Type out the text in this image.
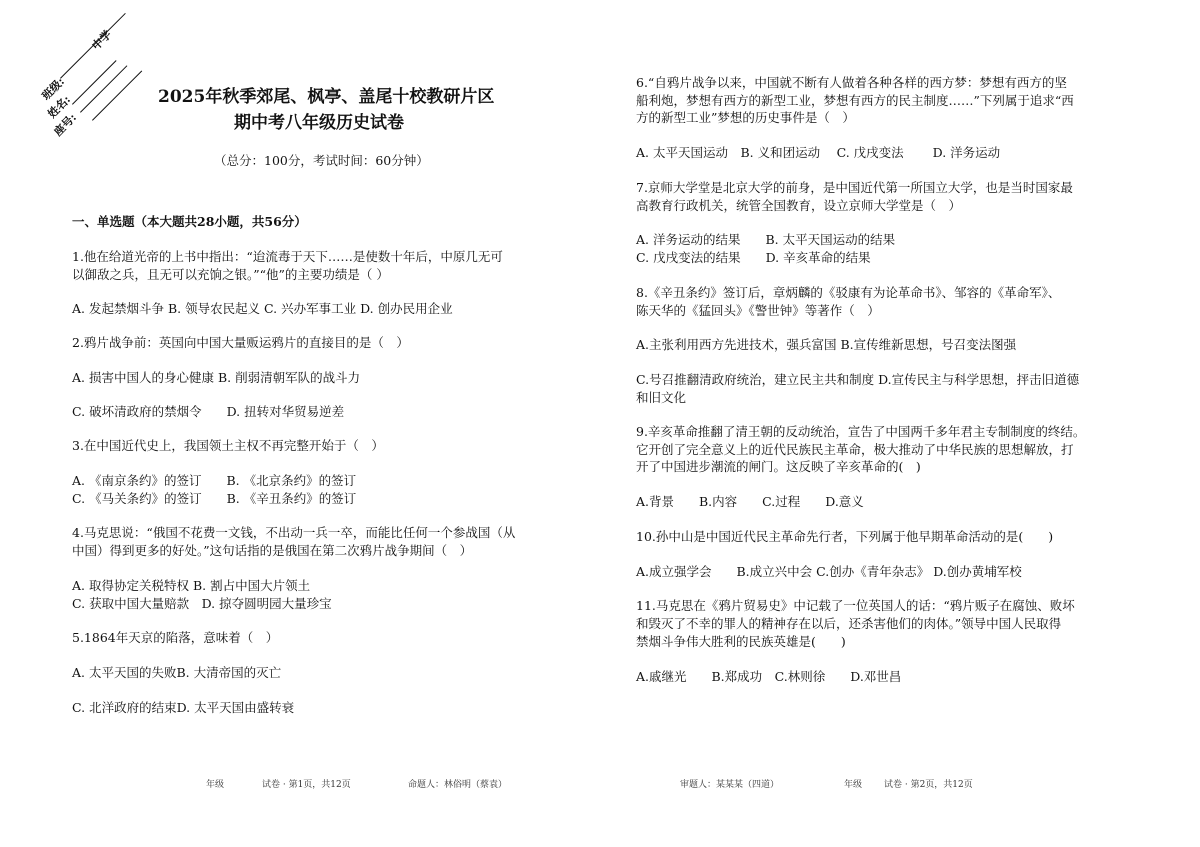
中学
班级:
姓名:
座号:
2025年秋季郊尾、枫亭、盖尾十校教研片区
期中考八年级历史试卷
（总分：100分，考试时间：60分钟）
一、单选题（本大题共28小题，共56分）
1.他在给道光帝的上书中指出：“迨流毒于天下……是使数十年后，中原几无可
以御敌之兵，且无可以充饷之银。”“他”的主要功绩是（ ）
A. 发起禁烟斗争 B. 领导农民起义 C. 兴办军事工业 D. 创办民用企业
2.鸦片战争前：英国向中国大量贩运鸦片的直接目的是（　）
A. 损害中国人的身心健康 B. 削弱清朝军队的战斗力
C. 破坏清政府的禁烟令　　D. 扭转对华贸易逆差
3.在中国近代史上，我国领土主权不再完整开始于（　）
A. 《南京条约》的签订　　B. 《北京条约》的签订
C. 《马关条约》的签订　　B. 《辛丑条约》的签订
4.马克思说：“俄国不花费一文钱，不出动一兵一卒，而能比任何一个参战国（从
中国）得到更多的好处。”这句话指的是俄国在第二次鸦片战争期间（　）
A. 取得协定关税特权 B. 割占中国大片领土
C. 获取中国大量赔款　D. 掠夺圆明园大量珍宝
5.1864年天京的陷落，意味着（　）
A. 太平天国的失败B. 大清帝国的灭亡
C. 北洋政府的结束D. 太平天国由盛转衰
年级	试卷 · 第1页，共12页	命题人：林俗明（蔡袁）
6.“自鸦片战争以来，中国就不断有人做着各种各样的西方梦：梦想有西方的坚
船利炮，梦想有西方的新型工业，梦想有西方的民主制度……”下列属于追求“西
方的新型工业”梦想的历史事件是（　）
A. 太平天国运动　B. 义和团运动　 C. 戊戌变法　　 D. 洋务运动
7.京师大学堂是北京大学的前身，是中国近代第一所国立大学，也是当时国家最
高教育行政机关，统管全国教育，设立京师大学堂是（　）
A. 洋务运动的结果　　B. 太平天国运动的结果
C. 戊戌变法的结果　　D. 辛亥革命的结果
8.《辛丑条约》签订后，章炳麟的《驳康有为论革命书》、邹容的《革命军》、
陈天华的《猛回头》《警世钟》等著作（　）
A.主张利用西方先进技术，强兵富国 B.宣传维新思想，号召变法图强
C.号召推翻清政府统治，建立民主共和制度 D.宣传民主与科学思想，抨击旧道德
和旧文化
9.辛亥革命推翻了清王朝的反动统治，宣告了中国两千多年君主专制制度的终结。
它开创了完全意义上的近代民族民主革命，极大推动了中华民族的思想解放，打
开了中国进步潮流的闸门。这反映了辛亥革命的(　)
A.背景　　B.内容　　C.过程　　D.意义
10.孙中山是中国近代民主革命先行者，下列属于他早期革命活动的是(　　)
A.成立强学会　　B.成立兴中会 C.创办《青年杂志》 D.创办黄埔军校
11.马克思在《鸦片贸易史》中记载了一位英国人的话：“鸦片贩子在腐蚀、败坏
和毁灭了不幸的罪人的精神存在以后，还杀害他们的肉体。”领导中国人民取得
禁烟斗争伟大胜利的民族英雄是(　　)
A.戚继光　　B.郑成功　C.林则徐　　D.邓世昌
审题人：某某某（四道）	年级 试卷 · 第2页，共12页
